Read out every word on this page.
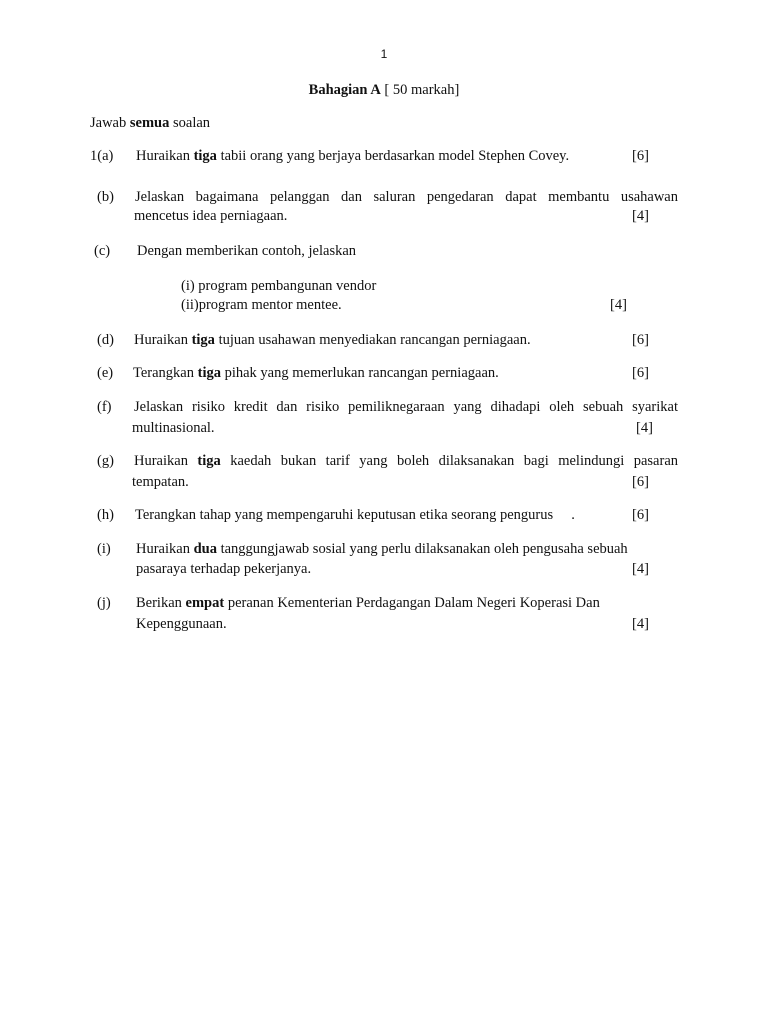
1
Bahagian A [ 50 markah]
Jawab semua soalan
1(a) Huraikan tiga tabii orang yang berjaya berdasarkan model Stephen Covey.	[6]
(b) Jelaskan bagaimana pelanggan dan saluran pengedaran dapat membantu usahawan
mencetus idea perniagaan.	[4]
(c) Dengan memberikan contoh, jelaskan
(i) program pembangunan vendor
(ii)program mentor mentee.	[4]
(d) Huraikan tiga tujuan usahawan menyediakan rancangan perniagaan.	[6]
(e) Terangkan tiga pihak yang memerlukan rancangan perniagaan.	[6]
(f) Jelaskan risiko kredit dan risiko pemiliknegaraan yang dihadapi oleh sebuah syarikat
multinasional.	[4]
(g) Huraikan tiga kaedah bukan tarif yang boleh dilaksanakan bagi melindungi pasaran
tempatan.	[6]
(h) Terangkan tahap yang mempengaruhi keputusan etika seorang pengurus     .	[6]
(i) Huraikan dua tanggungjawab sosial yang perlu dilaksanakan oleh pengusaha sebuah
pasaraya terhadap pekerjanya.	[4]
(j) Berikan empat peranan Kementerian Perdagangan Dalam Negeri Koperasi Dan
Kepenggunaan.	[4]
